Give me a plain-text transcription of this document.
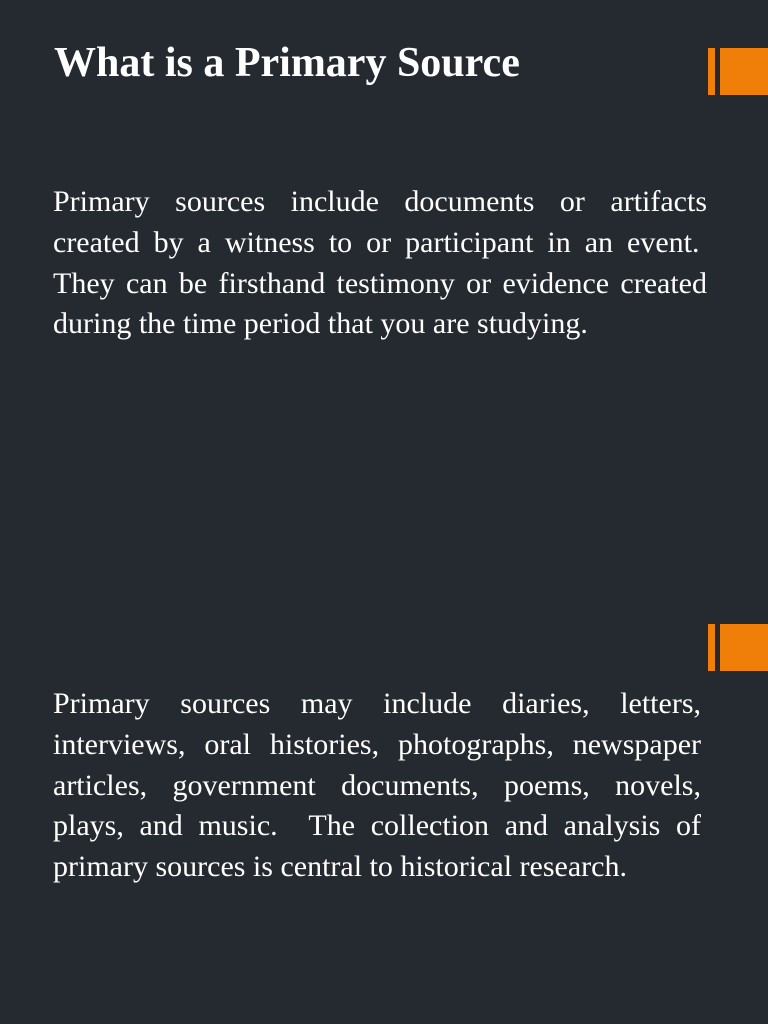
What is a Primary Source

Primary sources include documents or artifacts created by a witness to or participant in an event.  They can be firsthand testimony or evidence created during the time period that you are studying.

Primary sources may include diaries, letters, interviews, oral histories, photographs, newspaper articles, government documents, poems, novels, plays, and music.  The collection and analysis of primary sources is central to historical research.
